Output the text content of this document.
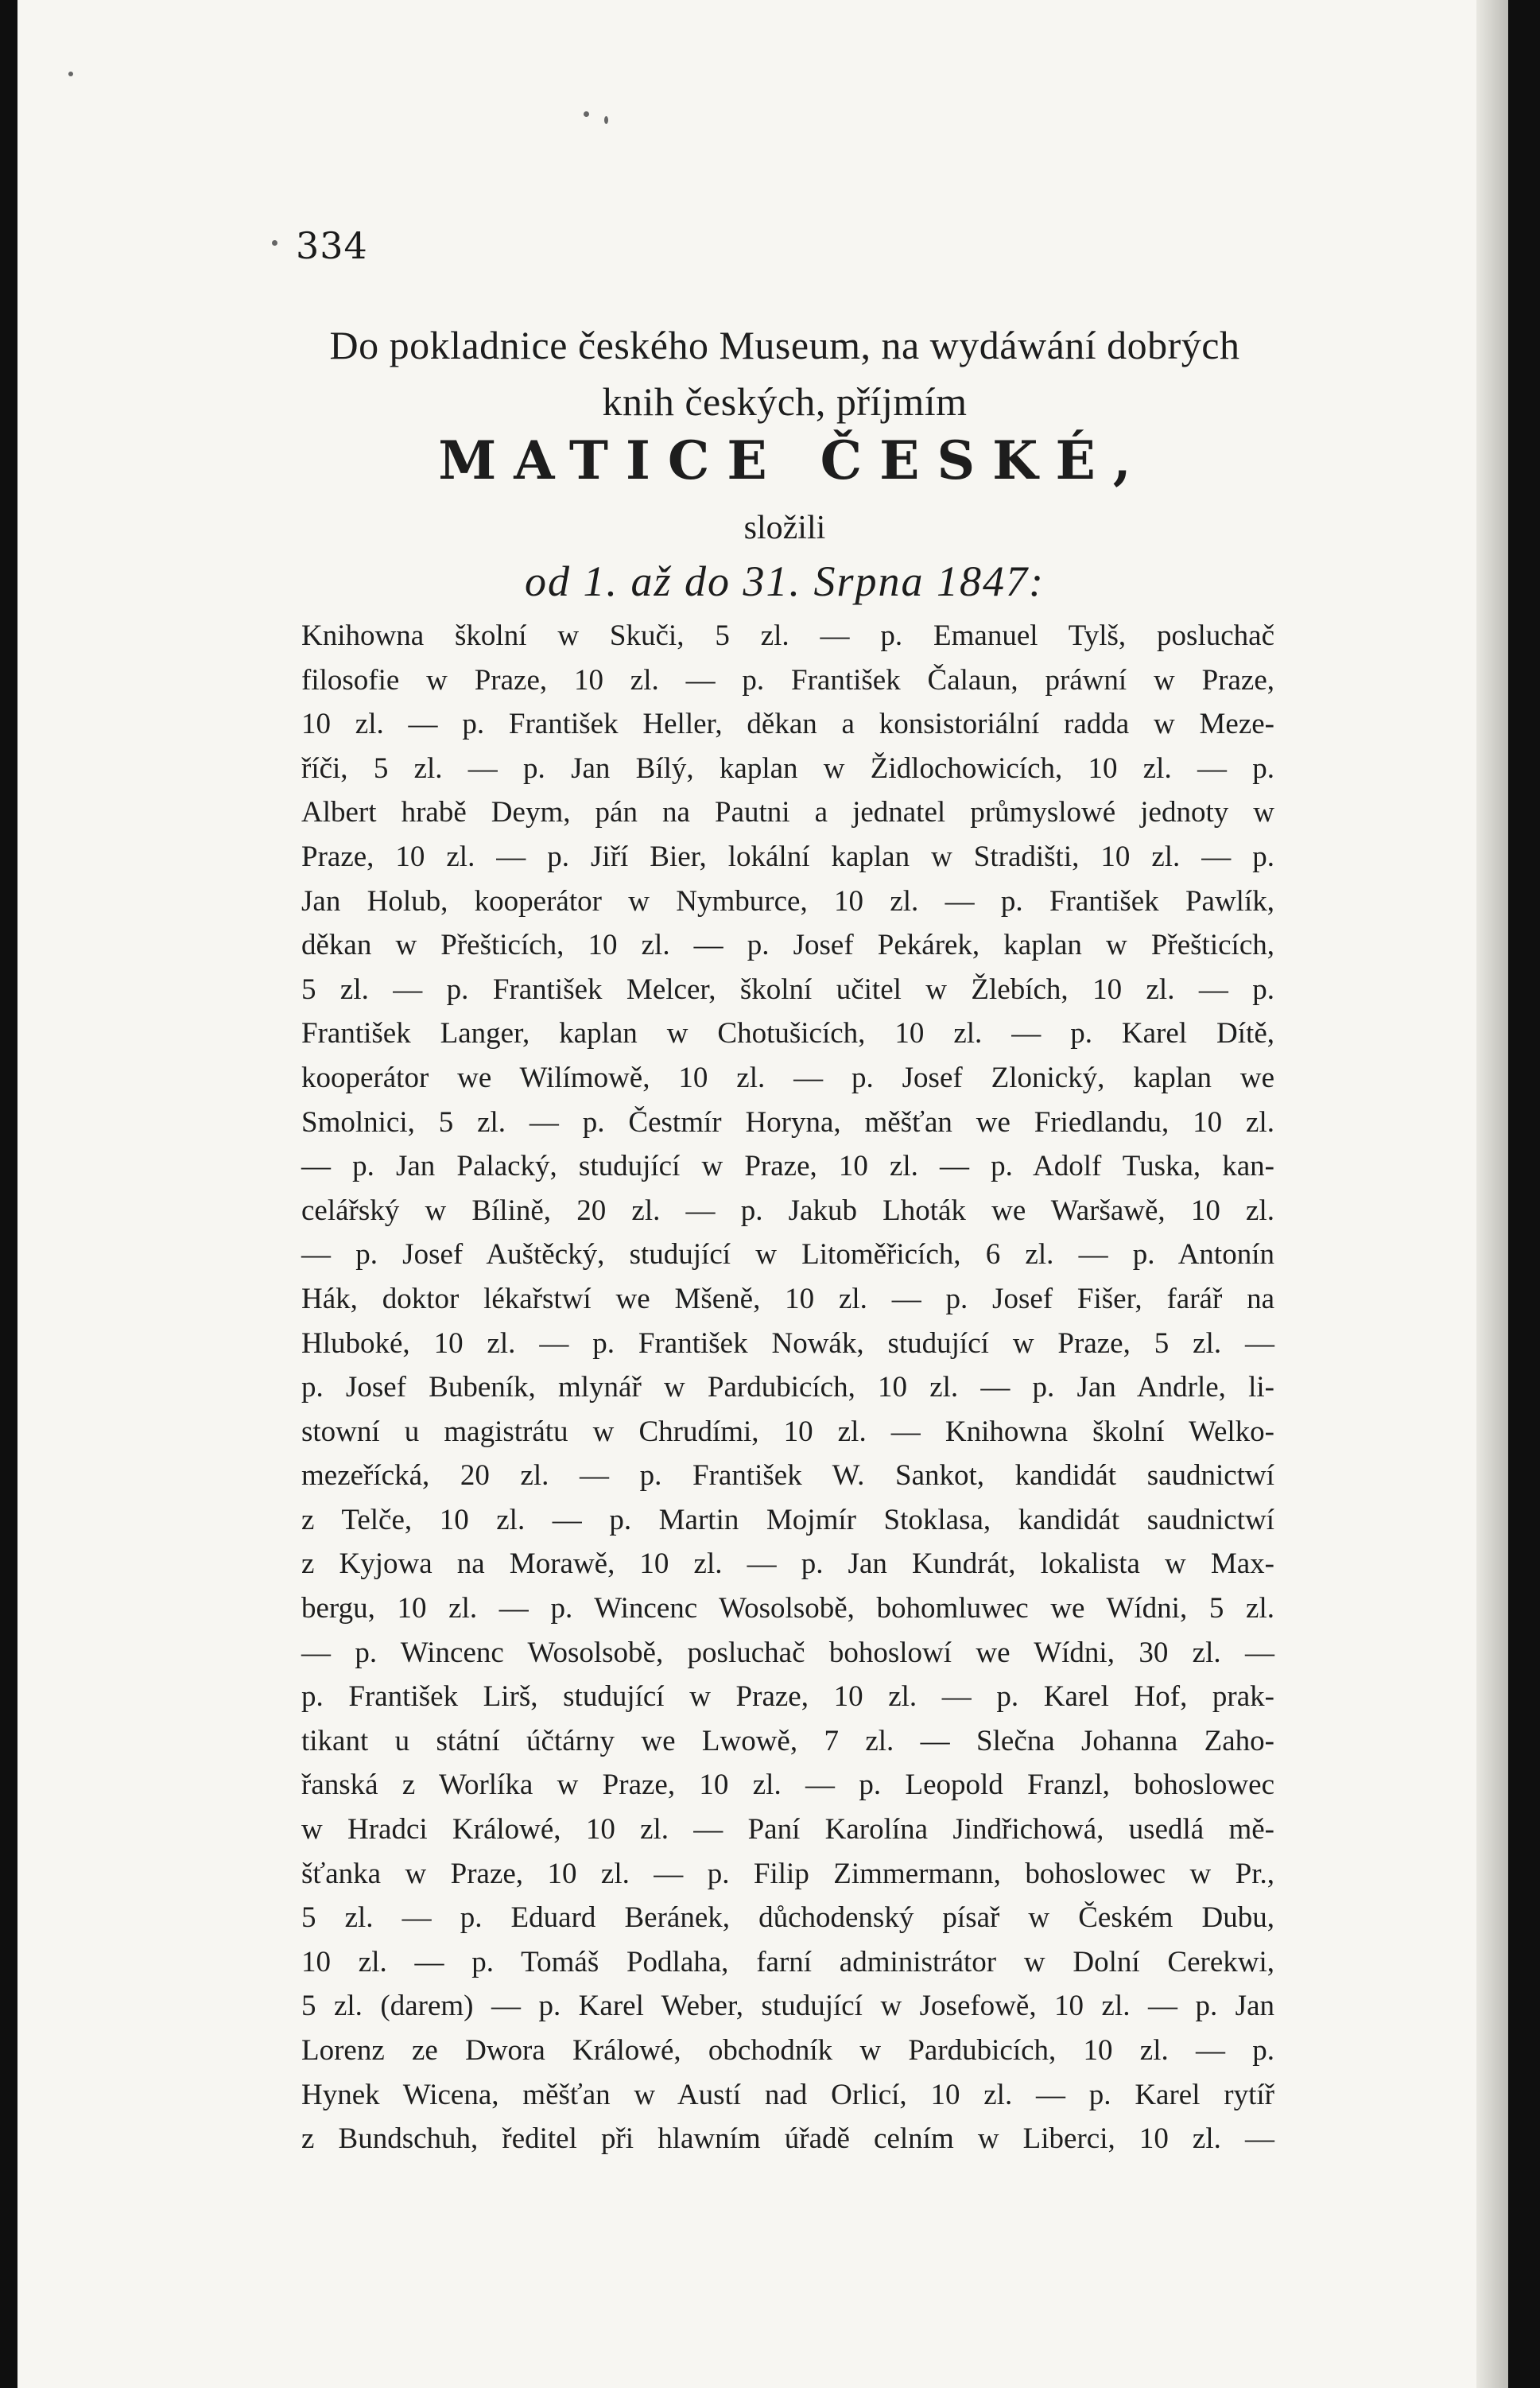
334
Do pokladnice českého Museum, na wydáwání dobrých
knih českých, příjmím
MATICE ČESKÉ,
složili
od 1. až do 31. Srpna 1847:
Knihowna školní w Skuči, 5 zl. — p. Emanuel Tylš, posluchač
filosofie w Praze, 10 zl. — p. František Čalaun, práwní w Praze,
10 zl. — p. František Heller, děkan a konsistoriální radda w Meze-
říči, 5 zl. — p. Jan Bílý, kaplan w Židlochowicích, 10 zl. — p.
Albert hrabě Deym, pán na Pautni a jednatel průmyslowé jednoty w
Praze, 10 zl. — p. Jiří Bier, lokální kaplan w Stradišti, 10 zl. — p.
Jan Holub, kooperátor w Nymburce, 10 zl. — p. František Pawlík,
děkan w Přešticích, 10 zl. — p. Josef Pekárek, kaplan w Přešticích,
5 zl. — p. František Melcer, školní učitel w Žlebích, 10 zl. — p.
František Langer, kaplan w Chotušicích, 10 zl. — p. Karel Dítě,
kooperátor we Wilímowě, 10 zl. — p. Josef Zlonický, kaplan we
Smolnici, 5 zl. — p. Čestmír Horyna, měšťan we Friedlandu, 10 zl.
— p. Jan Palacký, studující w Praze, 10 zl. — p. Adolf Tuska, kan-
celářský w Bílině, 20 zl. — p. Jakub Lhoták we Waršawě, 10 zl.
— p. Josef Auštěcký, studující w Litoměřicích, 6 zl. — p. Antonín
Hák, doktor lékařstwí we Mšeně, 10 zl. — p. Josef Fišer, farář na
Hluboké, 10 zl. — p. František Nowák, studující w Praze, 5 zl. —
p. Josef Bubeník, mlynář w Pardubicích, 10 zl. — p. Jan Andrle, li-
stowní u magistrátu w Chrudími, 10 zl. — Knihowna školní Welko-
mezeřícká, 20 zl. — p. František W. Sankot, kandidát saudnictwí
z Telče, 10 zl. — p. Martin Mojmír Stoklasa, kandidát saudnictwí
z Kyjowa na Morawě, 10 zl. — p. Jan Kundrát, lokalista w Max-
bergu, 10 zl. — p. Wincenc Wosolsobě, bohomluwec we Wídni, 5 zl.
— p. Wincenc Wosolsobě, posluchač bohoslowí we Wídni, 30 zl. —
p. František Lirš, studující w Praze, 10 zl. — p. Karel Hof, prak-
tikant u státní účtárny we Lwowě, 7 zl. — Slečna Johanna Zaho-
řanská z Worlíka w Praze, 10 zl. — p. Leopold Franzl, bohoslowec
w Hradci Králowé, 10 zl. — Paní Karolína Jindřichowá, usedlá mě-
šťanka w Praze, 10 zl. — p. Filip Zimmermann, bohoslowec w Pr.,
5 zl. — p. Eduard Beránek, důchodenský písař w Českém Dubu,
10 zl. — p. Tomáš Podlaha, farní administrátor w Dolní Cerekwi,
5 zl. (darem) — p. Karel Weber, studující w Josefowě, 10 zl. — p. Jan
Lorenz ze Dwora Králowé, obchodník w Pardubicích, 10 zl. — p.
Hynek Wicena, měšťan w Austí nad Orlicí, 10 zl. — p. Karel rytíř
z Bundschuh, ředitel při hlawním úřadě celním w Liberci, 10 zl. —
